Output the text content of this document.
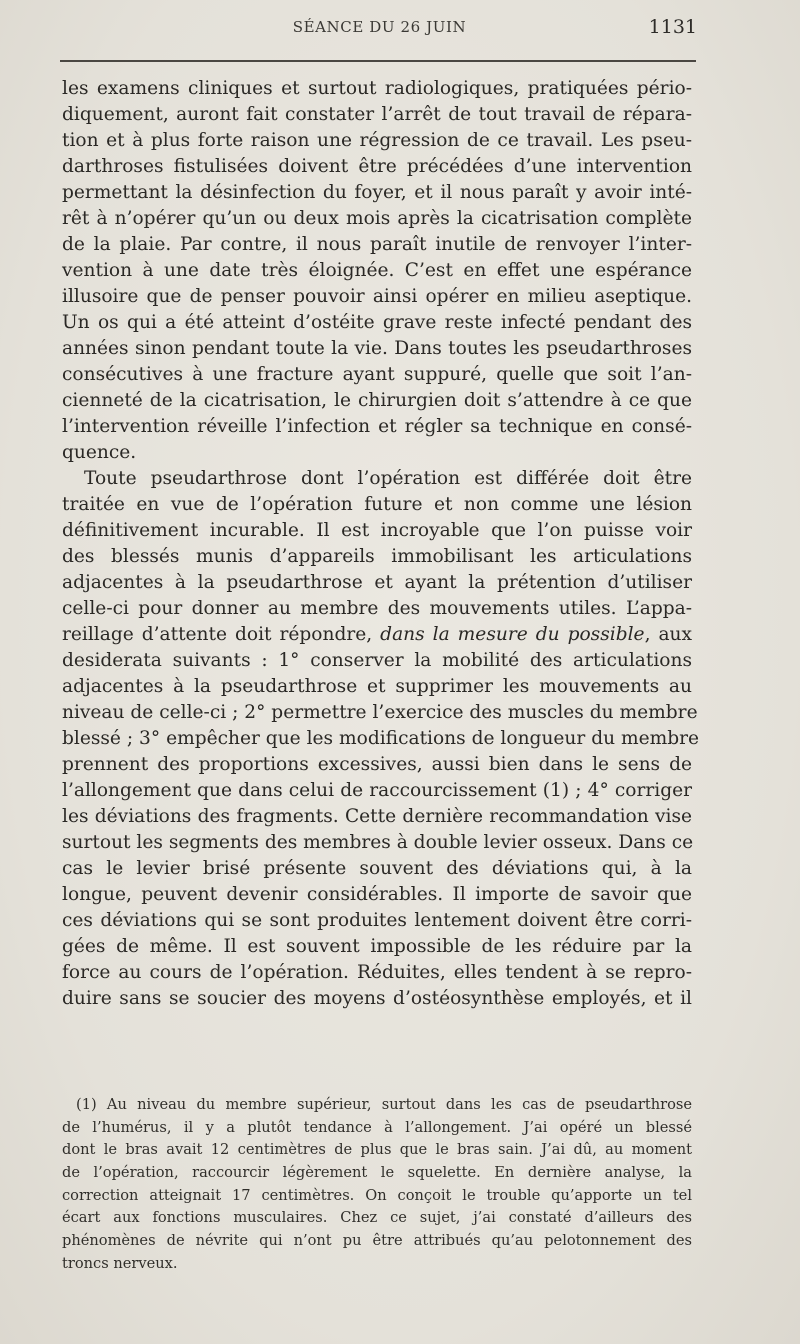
SÉANCE DU 26 JUIN	1131
les examens cliniques et surtout radiologiques, pratiquées pério-
diquement, auront fait constater l’arrêt de tout travail de répara-
tion et à plus forte raison une régression de ce travail. Les pseu-
darthroses fistulisées doivent être précédées d’une intervention
permettant la désinfection du foyer, et il nous paraît y avoir inté-
rêt à n’opérer qu’un ou deux mois après la cicatrisation complète
de la plaie. Par contre, il nous paraît inutile de renvoyer l’inter-
vention à une date très éloignée. C’est en effet une espérance
illusoire que de penser pouvoir ainsi opérer en milieu aseptique.
Un os qui a été atteint d’ostéite grave reste infecté pendant des
années sinon pendant toute la vie. Dans toutes les pseudarthroses
consécutives à une fracture ayant suppuré, quelle que soit l’an-
cienneté de la cicatrisation, le chirurgien doit s’attendre à ce que
l’intervention réveille l’infection et régler sa technique en consé-
quence.
Toute pseudarthrose dont l’opération est différée doit être
traitée en vue de l’opération future et non comme une lésion
définitivement incurable. Il est incroyable que l’on puisse voir
des blessés munis d’appareils immobilisant les articulations
adjacentes à la pseudarthrose et ayant la prétention d’utiliser
celle-ci pour donner au membre des mouvements utiles. L’appa-
reillage d’attente doit répondre, dans la mesure du possible, aux
desiderata suivants : 1° conserver la mobilité des articulations
adjacentes à la pseudarthrose et supprimer les mouvements au
niveau de celle-ci ; 2° permettre l’exercice des muscles du membre
blessé ; 3° empêcher que les modifications de longueur du membre
prennent des proportions excessives, aussi bien dans le sens de
l’allongement que dans celui de raccourcissement (1) ; 4° corriger
les déviations des fragments. Cette dernière recommandation vise
surtout les segments des membres à double levier osseux. Dans ce
cas le levier brisé présente souvent des déviations qui, à la
longue, peuvent devenir considérables. Il importe de savoir que
ces déviations qui se sont produites lentement doivent être corri-
gées de même. Il est souvent impossible de les réduire par la
force au cours de l’opération. Réduites, elles tendent à se repro-
duire sans se soucier des moyens d’ostéosynthèse employés, et il
(1) Au niveau du membre supérieur, surtout dans les cas de pseudarthrose
de l’humérus, il y a plutôt tendance à l’allongement. J’ai opéré un blessé
dont le bras avait 12 centimètres de plus que le bras sain. J’ai dû, au moment
de l’opération, raccourcir légèrement le squelette. En dernière analyse, la
correction atteignait 17 centimètres. On conçoit le trouble qu’apporte un tel
écart aux fonctions musculaires. Chez ce sujet, j’ai constaté d’ailleurs des
phénomènes de névrite qui n’ont pu être attribués qu’au pelotonnement des
troncs nerveux.
